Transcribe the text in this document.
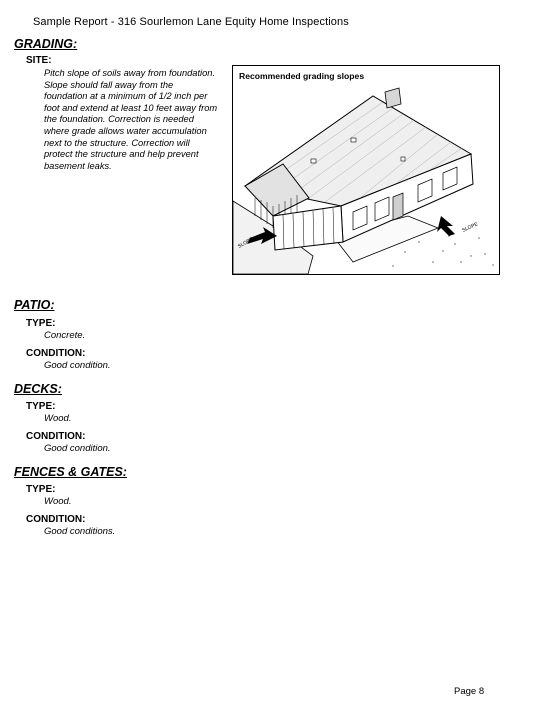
Sample Report - 316 Sourlemon Lane Equity Home Inspections
GRADING:
SITE:
Pitch slope of soils away from foundation.
Slope should fall away from the
foundation at a minimum of 1/2 inch per
foot and extend at least 10 feet away from
the foundation. Correction is needed
where grade allows water accumulation
next to the structure. Correction will
protect the structure and help prevent
basement leaks.
Recommended grading slopes
SLOPE
SLOPE
PATIO:
TYPE:
Concrete.
CONDITION:
Good condition.
DECKS:
TYPE:
Wood.
CONDITION:
Good condition.
FENCES & GATES:
TYPE:
Wood.
CONDITION:
Good conditions.
Page 8
